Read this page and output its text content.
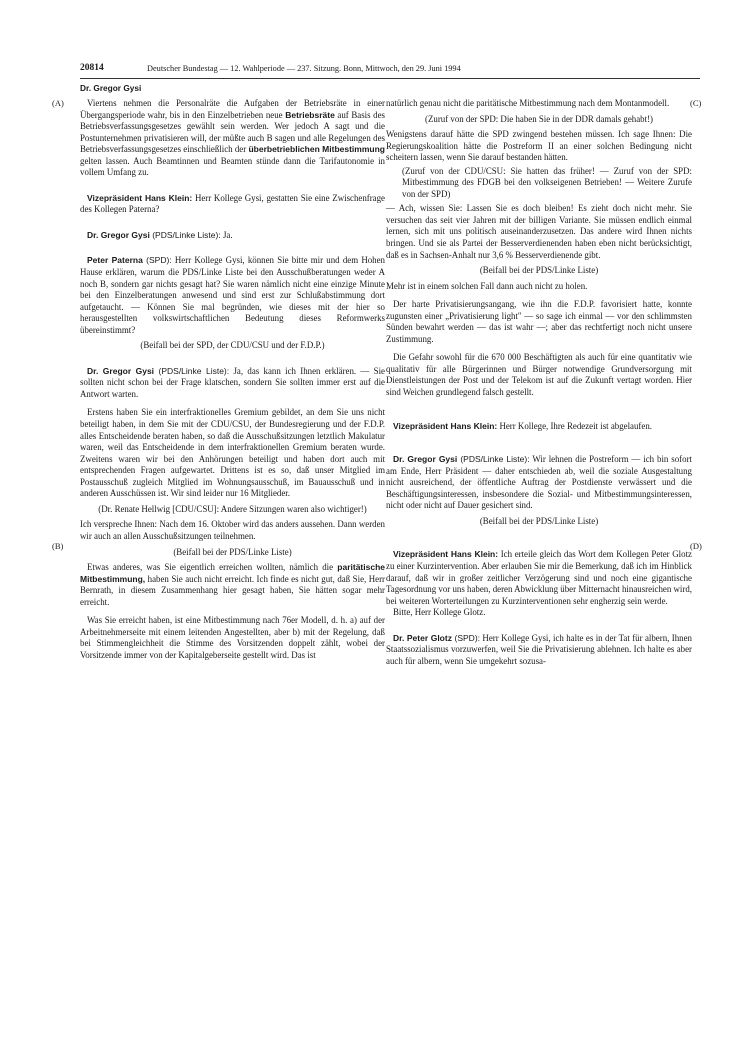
20814	Deutscher Bundestag — 12. Wahlperiode — 237. Sitzung. Bonn, Mittwoch, den 29. Juni 1994
Dr. Gregor Gysi
(A)
(B)
(C)
(D)

Viertens nehmen die Personalräte die Aufgaben der Betriebsräte in einer Übergangsperiode wahr, bis in den Einzelbetrieben neue Betriebsräte auf Basis des Betriebsverfassungsgesetzes gewählt sein werden. Wer jedoch A sagt und die Postunternehmen privatisieren will, der müßte auch B sagen und alle Regelungen des Betriebsverfassungsgesetzes einschließlich der überbetrieblichen Mitbestimmung gelten lassen. Auch Beamtinnen und Beamten stünde dann die Tarifautonomie in vollem Umfang zu.

Vizepräsident Hans Klein: Herr Kollege Gysi, gestatten Sie eine Zwischenfrage des Kollegen Paterna?

Dr. Gregor Gysi (PDS/Linke Liste): Ja.

Peter Paterna (SPD): Herr Kollege Gysi, können Sie bitte mir und dem Hohen Hause erklären, warum die PDS/Linke Liste bei den Ausschußberatungen weder A noch B, sondern gar nichts gesagt hat? Sie waren nämlich nicht eine einzige Minute bei den Einzelberatungen anwesend und sind erst zur Schlußabstimmung dort aufgetaucht. — Können Sie mal begründen, wie dieses mit der hier so herausgestellten volkswirtschaftlichen Bedeutung dieses Reformwerks übereinstimmt?

(Beifall bei der SPD, der CDU/CSU und der F.D.P.)

Dr. Gregor Gysi (PDS/Linke Liste): Ja, das kann ich Ihnen erklären. — Sie sollten nicht schon bei der Frage klatschen, sondern Sie sollten immer erst auf die Antwort warten.

Erstens haben Sie ein interfraktionelles Gremium gebildet, an dem Sie uns nicht beteiligt haben, in dem Sie mit der CDU/CSU, der Bundesregierung und der F.D.P. alles Entscheidende beraten haben, so daß die Ausschußsitzungen letztlich Makulatur waren, weil das Entscheidende in dem interfraktionellen Gremium beraten wurde. Zweitens waren wir bei den Anhörungen beteiligt und haben dort auch mit entsprechenden Fragen aufgewartet. Drittens ist es so, daß unser Mitglied im Postausschuß zugleich Mitglied im Wohnungsausschuß, im Bauausschuß und in anderen Ausschüssen ist. Wir sind leider nur 16 Mitglieder.

(Dr. Renate Hellwig [CDU/CSU]: Andere Sitzungen waren also wichtiger!)

Ich verspreche Ihnen: Nach dem 16. Oktober wird das anders aussehen. Dann werden wir auch an allen Ausschußsitzungen teilnehmen.

(Beifall bei der PDS/Linke Liste)

Etwas anderes, was Sie eigentlich erreichen wollten, nämlich die paritätische Mitbestimmung, haben Sie auch nicht erreicht. Ich finde es nicht gut, daß Sie, Herr Bernrath, in diesem Zusammenhang hier gesagt haben, Sie hätten sogar mehr erreicht.

Was Sie erreicht haben, ist eine Mitbestimmung nach 76er Modell, d. h. a) auf der Arbeitnehmerseite mit einem leitenden Angestellten, aber b) mit der Regelung, daß bei Stimmengleichheit die Stimme des Vorsitzenden doppelt zählt, wobei der Vorsitzende immer von der Kapitalgeberseite gestellt wird. Das ist

natürlich genau nicht die paritätische Mitbestimmung nach dem Montanmodell.

(Zuruf von der SPD: Die haben Sie in der DDR damals gehabt!)

Wenigstens darauf hätte die SPD zwingend bestehen müssen. Ich sage Ihnen: Die Regierungskoalition hätte die Postreform II an einer solchen Bedingung nicht scheitern lassen, wenn Sie darauf bestanden hätten.

(Zuruf von der CDU/CSU: Sie hatten das früher! — Zuruf von der SPD: Mitbestimmung des FDGB bei den volkseigenen Betrieben! — Weitere Zurufe von der SPD)

— Ach, wissen Sie: Lassen Sie es doch bleiben! Es zieht doch nicht mehr. Sie versuchen das seit vier Jahren mit der billigen Variante. Sie müssen endlich einmal lernen, sich mit uns politisch auseinanderzusetzen. Das andere wird Ihnen nichts bringen. Und sie als Partei der Besserverdienenden haben eben nicht berücksichtigt, daß es in Sachsen-Anhalt nur 3,6 % Besserverdienende gibt.

(Beifall bei der PDS/Linke Liste)

Mehr ist in einem solchen Fall dann auch nicht zu holen.

Der harte Privatisierungsangang, wie ihn die F.D.P. favorisiert hatte, konnte zugunsten einer „Privatisierung light" — so sage ich einmal — vor den schlimmsten Sünden bewahrt werden — das ist wahr —; aber das rechtfertigt noch nicht unsere Zustimmung.

Die Gefahr sowohl für die 670 000 Beschäftigten als auch für eine quantitativ wie qualitativ für alle Bürgerinnen und Bürger notwendige Grundversorgung mit Dienstleistungen der Post und der Telekom ist auf die Zukunft vertagt worden. Hier sind Weichen grundlegend falsch gestellt.

Vizepräsident Hans Klein: Herr Kollege, Ihre Redezeit ist abgelaufen.

Dr. Gregor Gysi (PDS/Linke Liste): Wir lehnen die Postreform — ich bin sofort am Ende, Herr Präsident — daher entschieden ab, weil die soziale Ausgestaltung nicht ausreichend, der öffentliche Auftrag der Postdienste verwässert und die Beschäftigungsinteressen, insbesondere die Sozial- und Mitbestimmungsinteressen, nicht oder nicht auf Dauer gesichert sind.

(Beifall bei der PDS/Linke Liste)

Vizepräsident Hans Klein: Ich erteile gleich das Wort dem Kollegen Peter Glotz zu einer Kurzintervention. Aber erlauben Sie mir die Bemerkung, daß ich im Hinblick darauf, daß wir in großer zeitlicher Verzögerung sind und noch eine gigantische Tagesordnung vor uns haben, deren Abwicklung über Mitternacht hinausreichen wird, bei weiteren Worterteilungen zu Kurzinterventionen sehr engherzig sein werde.

Bitte, Herr Kollege Glotz.

Dr. Peter Glotz (SPD): Herr Kollege Gysi, ich halte es in der Tat für albern, Ihnen Staatssozialismus vorzuwerfen, weil Sie die Privatisierung ablehnen. Ich halte es aber auch für albern, wenn Sie umgekehrt sozusa-
